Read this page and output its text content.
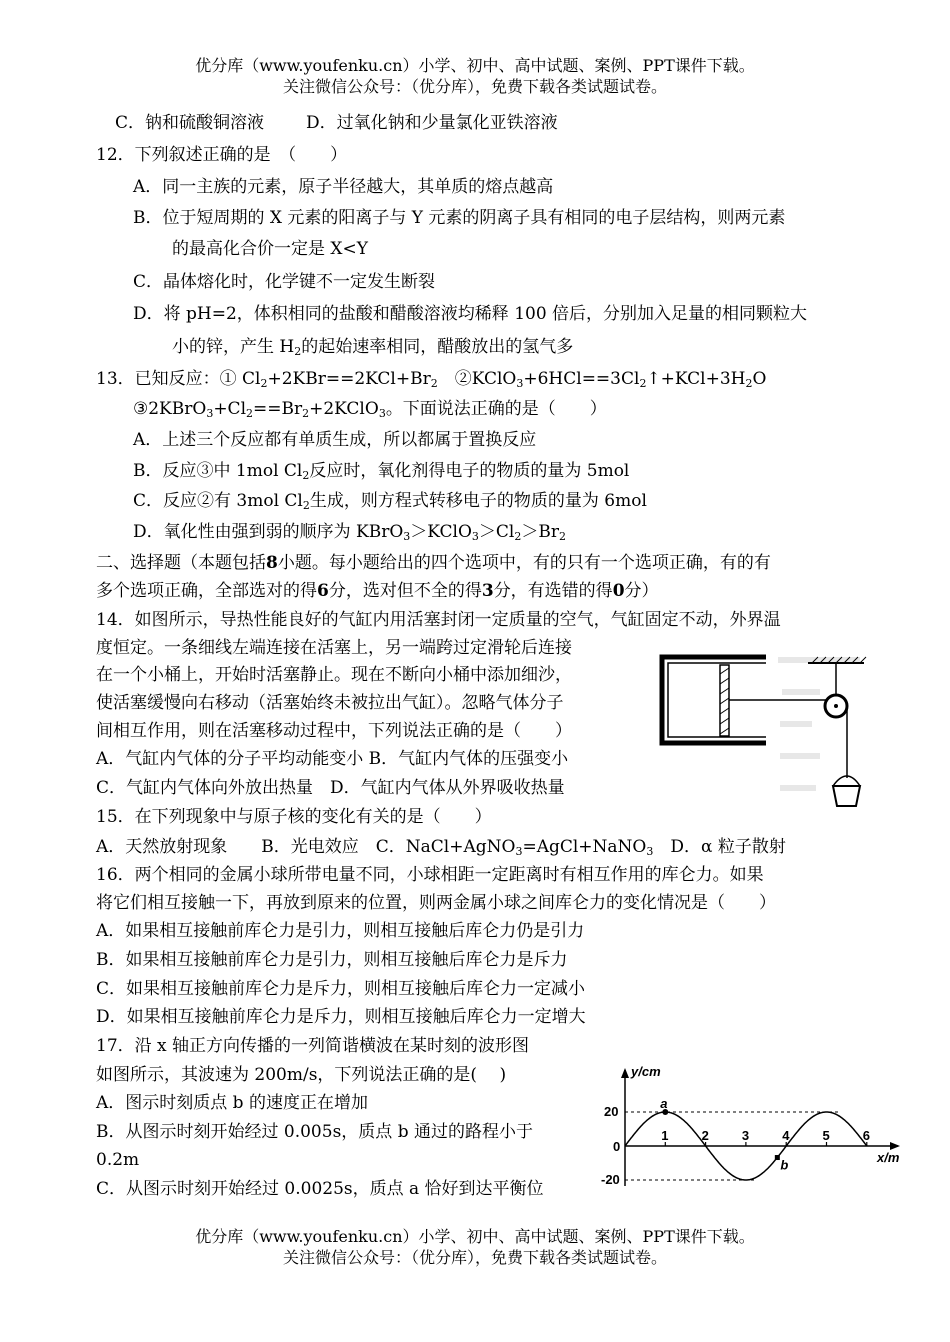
优分库（www.youfenku.cn）小学、初中、高中试题、案例、PPT课件下载。
关注微信公众号：（优分库），免费下载各类试题试卷。
C．钠和硫酸铜溶液 D．过氧化钠和少量氯化亚铁溶液
12．下列叙述正确的是　（　　）
A．同一主族的元素，原子半径越大，其单质的熔点越高
B．位于短周期的 X 元素的阳离子与 Y 元素的阴离子具有相同的电子层结构，则两元素
的最高化合价一定是 X<Y
C．晶体熔化时，化学键不一定发生断裂
D．将 pH=2，体积相同的盐酸和醋酸溶液均稀释 100 倍后，分别加入足量的相同颗粒大
小的锌，产生 $H_2$的起始速率相同，醋酸放出的氢气多
13．已知反应：① $Cl_2+2KBr==2KCl+Br_2$　$②KClO_3+6HCl==3Cl_2↑+KCl+3H_2O$
$③2KBrO_3+Cl_2==Br_2+2KClO_3$。下面说法正确的是（　　）
A．上述三个反应都有单质生成，所以都属于置换反应
B．反应③中 1mol $Cl_2$反应时，氧化剂得电子的物质的量为 5mol
C．反应②有 3mol $Cl_2$生成，则方程式转移电子的物质的量为 6mol
D．氧化性由强到弱的顺序为 $KBrO_3>KClO_3>Cl_2>Br_2$
二、选择题（本题包括8小题。每小题给出的四个选项中，有的只有一个选项正确，有的有
多个选项正确，全部选对的得6分，选对但不全的得3分，有选错的得0分）
14．如图所示，导热性能良好的气缸内用活塞封闭一定质量的空气，气缸固定不动，外界温
度恒定。一条细线左端连接在活塞上，另一端跨过定滑轮后连接
在一个小桶上，开始时活塞静止。现在不断向小桶中添加细沙，
使活塞缓慢向右移动（活塞始终未被拉出气缸）。忽略气体分子
间相互作用，则在活塞移动过程中，下列说法正确的是（　　）
A．气缸内气体的分子平均动能变小 B．气缸内气体的压强变小
C．气缸内气体向外放出热量　D．气缸内气体从外界吸收热量
15．在下列现象中与原子核的变化有关的是（　　）
A．天然放射现象　　B．光电效应　C．NaCl+AgNO$_3$=AgCl+NaNO$_3$　D．α 粒子散射
16．两个相同的金属小球所带电量不同，小球相距一定距离时有相互作用的库仑力。如果
将它们相互接触一下，再放到原来的位置，则两金属小球之间库仑力的变化情况是（　　）
A．如果相互接触前库仑力是引力，则相互接触后库仑力仍是引力
B．如果相互接触前库仑力是引力，则相互接触后库仑力是斥力
C．如果相互接触前库仑力是斥力，则相互接触后库仑力一定减小
D．如果相互接触前库仑力是斥力，则相互接触后库仑力一定增大
17．沿 x 轴正方向传播的一列简谐横波在某时刻的波形图
如图所示，其波速为 200m/s，下列说法正确的是(　 )
A．图示时刻质点 b 的速度正在增加
B．从图示时刻开始经过 0.005s，质点 b 通过的路程小于
0.2m
C．从图示时刻开始经过 0.0025s，质点 a 恰好到达平衡位
y/cm
x/m
20
-20
0
1	2	3	4	5	6
a
b
优分库（www.youfenku.cn）小学、初中、高中试题、案例、PPT课件下载。
关注微信公众号：（优分库），免费下载各类试题试卷。
